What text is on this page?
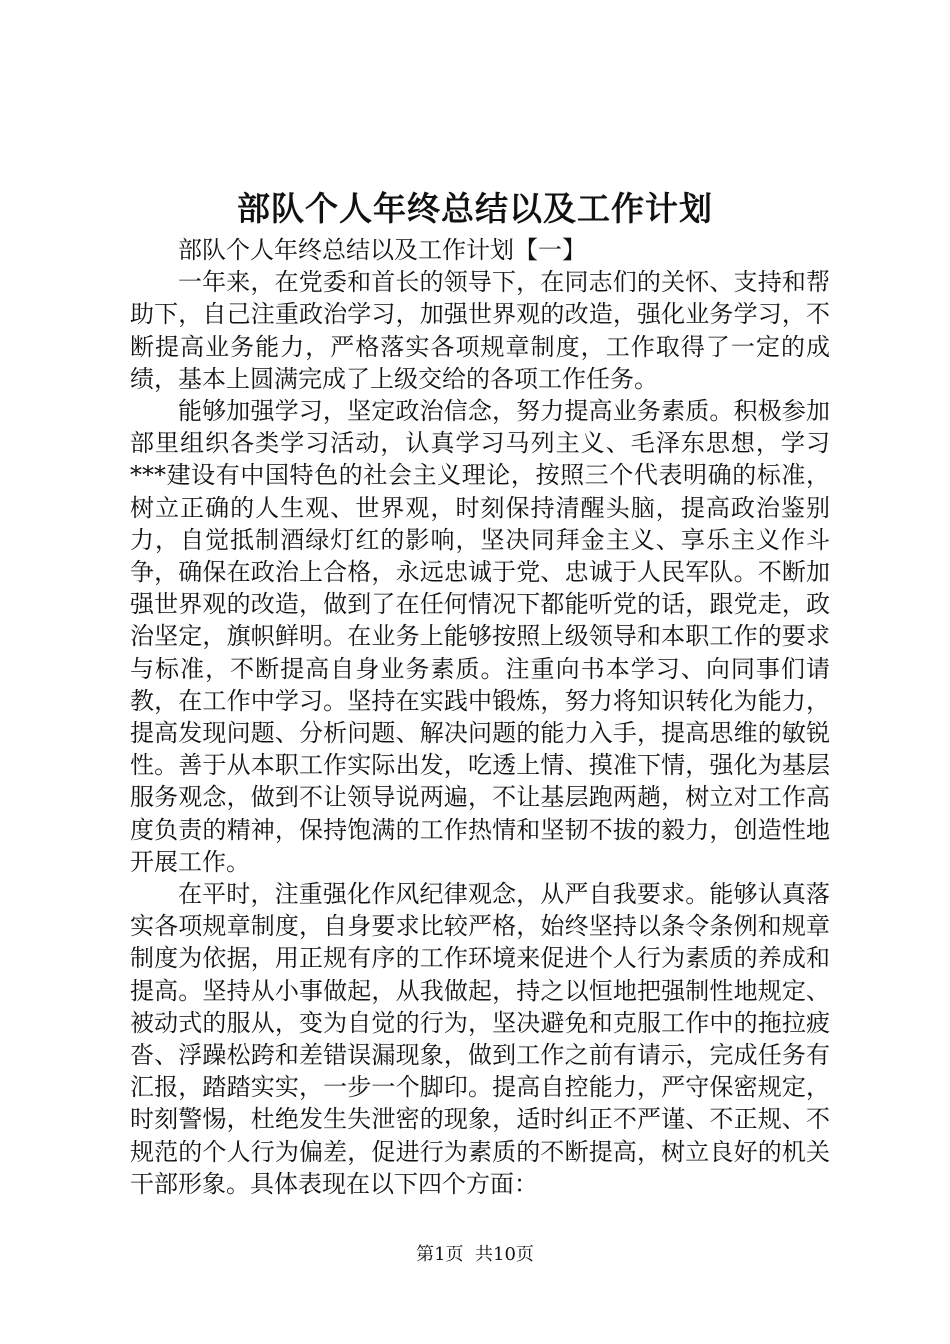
部队个人年终总结以及工作计划

部队个人年终总结以及工作计划【一】

一年来，在党委和首长的领导下，在同志们的关怀、支持和帮助下，自己注重政治学习，加强世界观的改造，强化业务学习，不断提高业务能力，严格落实各项规章制度，工作取得了一定的成绩，基本上圆满完成了上级交给的各项工作任务。

能够加强学习，坚定政治信念，努力提高业务素质。积极参加部里组织各类学习活动，认真学习马列主义、毛泽东思想，学习***建设有中国特色的社会主义理论，按照三个代表明确的标准，树立正确的人生观、世界观，时刻保持清醒头脑，提高政治鉴别力，自觉抵制酒绿灯红的影响，坚决同拜金主义、享乐主义作斗争，确保在政治上合格，永远忠诚于党、忠诚于人民军队。不断加强世界观的改造，做到了在任何情况下都能听党的话，跟党走，政治坚定，旗帜鲜明。在业务上能够按照上级领导和本职工作的要求与标准，不断提高自身业务素质。注重向书本学习、向同事们请教，在工作中学习。坚持在实践中锻炼，努力将知识转化为能力，提高发现问题、分析问题、解决问题的能力入手，提高思维的敏锐性。善于从本职工作实际出发，吃透上情、摸准下情，强化为基层服务观念，做到不让领导说两遍，不让基层跑两趟，树立对工作高度负责的精神，保持饱满的工作热情和坚韧不拔的毅力，创造性地开展工作。

在平时，注重强化作风纪律观念，从严自我要求。能够认真落实各项规章制度，自身要求比较严格，始终坚持以条令条例和规章制度为依据，用正规有序的工作环境来促进个人行为素质的养成和提高。坚持从小事做起，从我做起，持之以恒地把强制性地规定、被动式的服从，变为自觉的行为，坚决避免和克服工作中的拖拉疲沓、浮躁松跨和差错误漏现象，做到工作之前有请示，完成任务有汇报，踏踏实实，一步一个脚印。提高自控能力，严守保密规定，时刻警惕，杜绝发生失泄密的现象，适时纠正不严谨、不正规、不规范的个人行为偏差，促进行为素质的不断提高，树立良好的机关干部形象。具体表现在以下四个方面：

第1页 共10页
